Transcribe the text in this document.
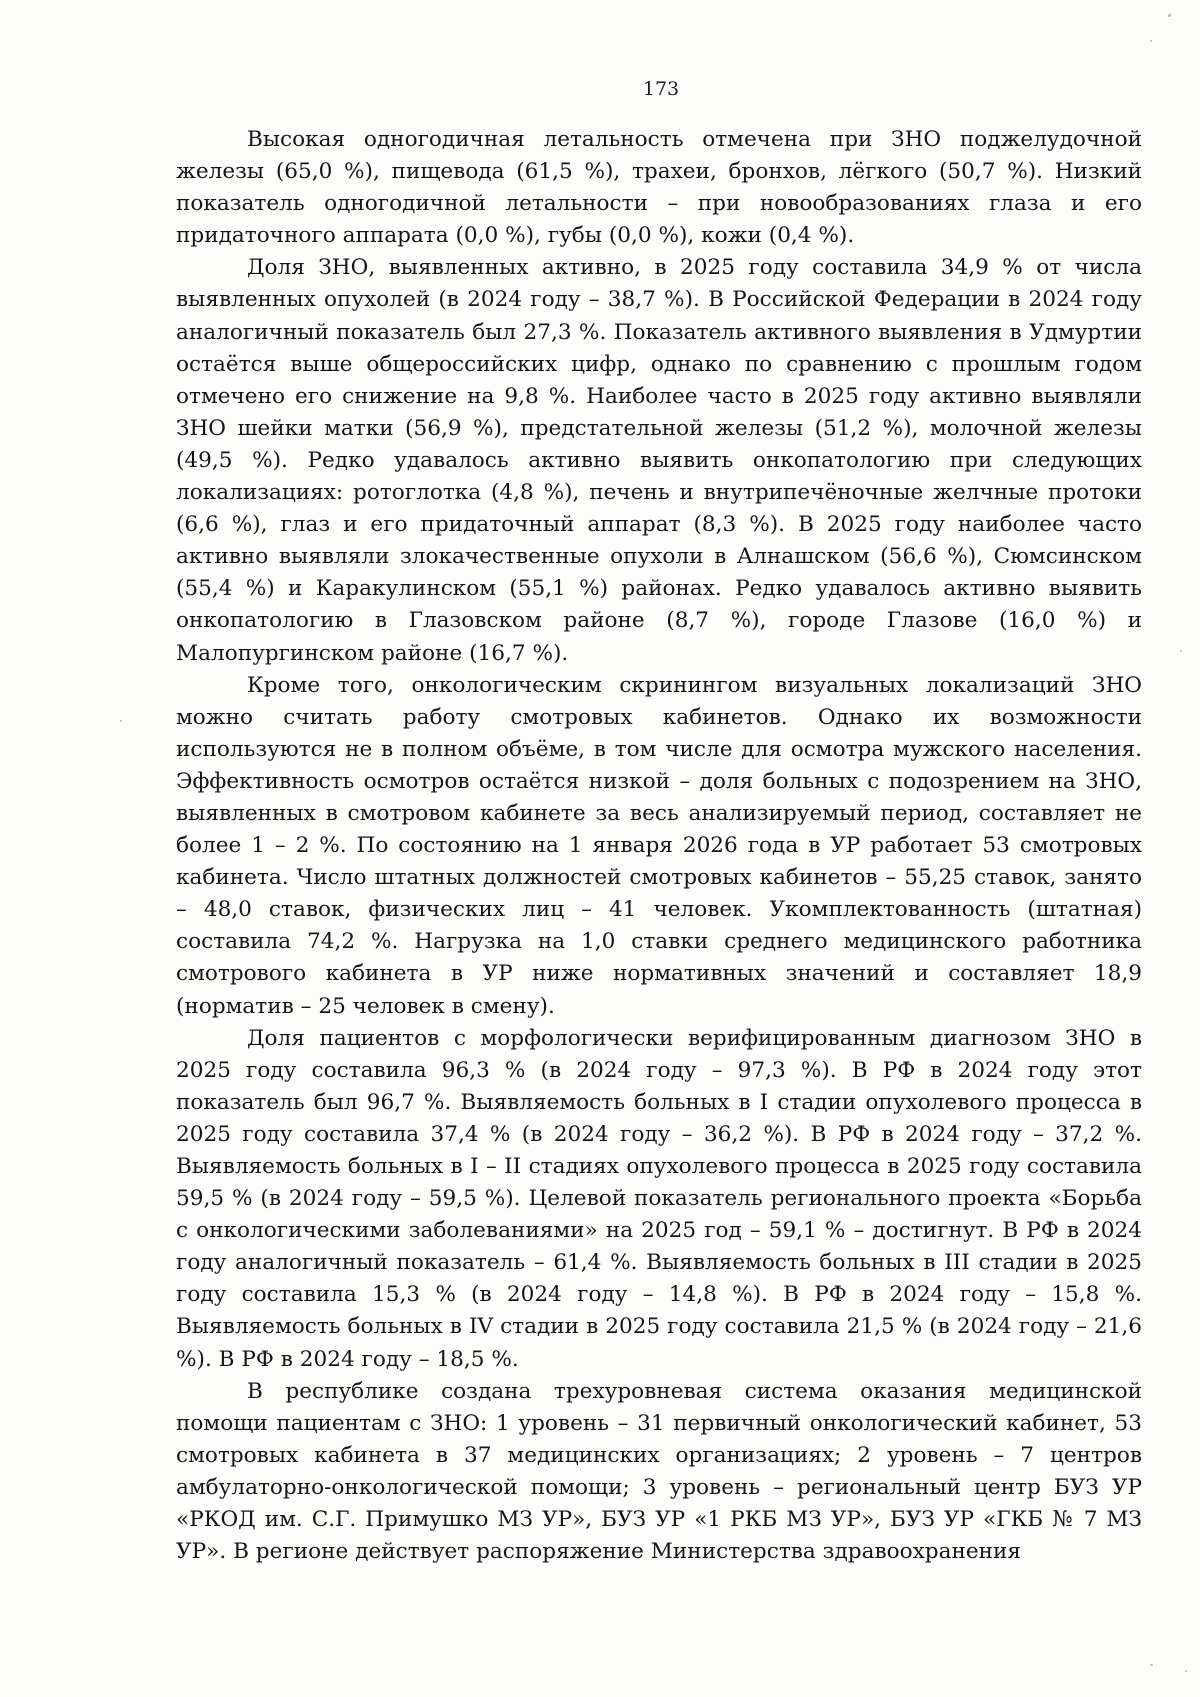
173

Высокая одногодичная летальность отмечена при ЗНО поджелудочной железы (65,0 %), пищевода (61,5 %), трахеи, бронхов, лёгкого (50,7 %). Низкий показатель одногодичной летальности – при новообразованиях глаза и его придаточного аппарата (0,0 %), губы (0,0 %), кожи (0,4 %).

Доля ЗНО, выявленных активно, в 2025 году составила 34,9 % от числа выявленных опухолей (в 2024 году – 38,7 %). В Российской Федерации в 2024 году аналогичный показатель был 27,3 %. Показатель активного выявления в Удмуртии остаётся выше общероссийских цифр, однако по сравнению с прошлым годом отмечено его снижение на 9,8 %. Наиболее часто в 2025 году активно выявляли ЗНО шейки матки (56,9 %), предстательной железы (51,2 %), молочной железы (49,5 %). Редко удавалось активно выявить онкопатологию при следующих локализациях: ротоглотка (4,8 %), печень и внутрипечёночные желчные протоки (6,6 %), глаз и его придаточный аппарат (8,3 %). В 2025 году наиболее часто активно выявляли злокачественные опухоли в Алнашском (56,6 %), Сюмсинском (55,4 %) и Каракулинском (55,1 %) районах. Редко удавалось активно выявить онкопатологию в Глазовском районе (8,7 %), городе Глазове (16,0 %) и Малопургинском районе (16,7 %).

Кроме того, онкологическим скринингом визуальных локализаций ЗНО можно считать работу смотровых кабинетов. Однако их возможности используются не в полном объёме, в том числе для осмотра мужского населения. Эффективность осмотров остаётся низкой – доля больных с подозрением на ЗНО, выявленных в смотровом кабинете за весь анализируемый период, составляет не более 1 – 2 %. По состоянию на 1 января 2026 года в УР работает 53 смотровых кабинета. Число штатных должностей смотровых кабинетов – 55,25 ставок, занято – 48,0 ставок, физических лиц – 41 человек. Укомплектованность (штатная) составила 74,2 %. Нагрузка на 1,0 ставки среднего медицинского работника смотрового кабинета в УР ниже нормативных значений и составляет 18,9 (норматив – 25 человек в смену).

Доля пациентов с морфологически верифицированным диагнозом ЗНО в 2025 году составила 96,3 % (в 2024 году – 97,3 %). В РФ в 2024 году этот показатель был 96,7 %. Выявляемость больных в I стадии опухолевого процесса в 2025 году составила 37,4 % (в 2024 году – 36,2 %). В РФ в 2024 году – 37,2 %. Выявляемость больных в I – II стадиях опухолевого процесса в 2025 году составила 59,5 % (в 2024 году – 59,5 %). Целевой показатель регионального проекта «Борьба с онкологическими заболеваниями» на 2025 год – 59,1 % – достигнут. В РФ в 2024 году аналогичный показатель – 61,4 %. Выявляемость больных в III стадии в 2025 году составила 15,3 % (в 2024 году – 14,8 %). В РФ в 2024 году – 15,8 %. Выявляемость больных в IV стадии в 2025 году составила 21,5 % (в 2024 году – 21,6 %). В РФ в 2024 году – 18,5 %.

В республике создана трехуровневая система оказания медицинской помощи пациентам с ЗНО: 1 уровень – 31 первичный онкологический кабинет, 53 смотровых кабинета в 37 медицинских организациях; 2 уровень – 7 центров амбулаторно-онкологической помощи; 3 уровень – региональный центр БУЗ УР «РКОД им. С.Г. Примушко МЗ УР», БУЗ УР «1 РКБ МЗ УР», БУЗ УР «ГКБ № 7 МЗ УР». В регионе действует распоряжение Министерства здравоохранения
